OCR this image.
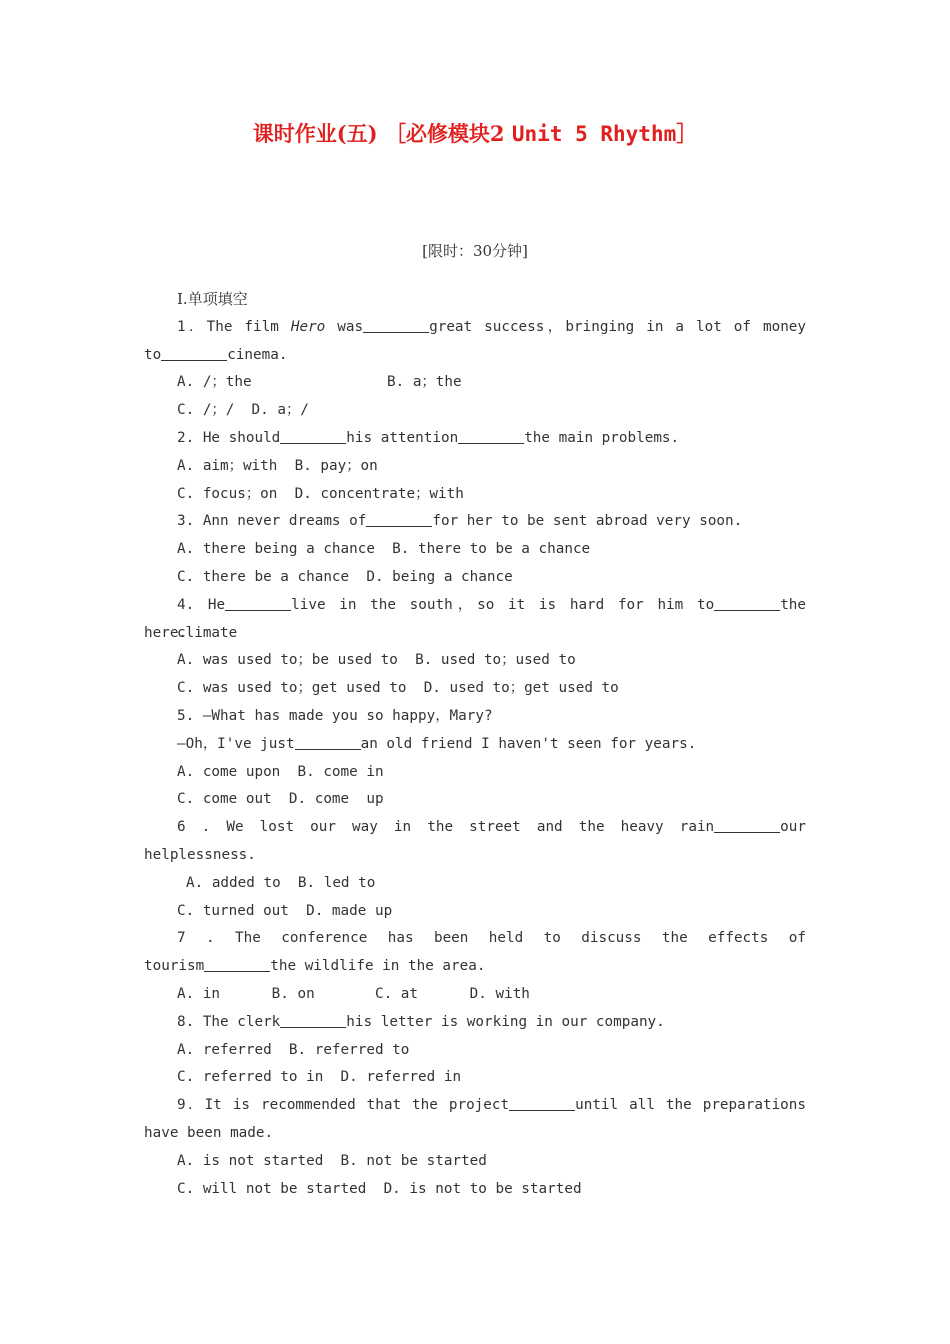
课时作业(五) ［必修模块2 Unit 5 Rhythm］
[限时：30分钟]
Ⅰ.单项填空
1．The film Hero was	great success，bringing in a lot of money
to	cinema.
A. /；the	B. a；the
C. /；/  D. a；/
2. He should	his attention	the main problems.
A. aim；with  B. pay；on
C. focus；on  D. concentrate；with
3. Ann never dreams of	for her to be sent abroad very soon.
A. there being a chance  B. there to be a chance
C. there be a chance  D. being a chance
4. He	live in the south，so it is hard for him to	the climate
here.
A. was used to；be used to  B. used to；used to
C. was used to；get used to  D. used to；get used to
5. —What has made you so happy，Mary?
—Oh，I've just	an old friend I haven't seen for years.
A. come upon  B. come in
C. come out  D. come  up
6 . We lost our way in the street and the heavy rain	our
helplessness.
A. added to  B. led to
C. turned out  D. made up
7 . The conference has been held to discuss the effects of
tourism	the wildlife in the area.
A. in      B. on       C. at      D. with
8. The clerk	his letter is working in our company.
A. referred  B. referred to
C. referred to in  D. referred in
9．It is recommended that the project	until all the preparations
have been made.
A. is not started  B. not be started
C. will not be started  D. is not to be started
